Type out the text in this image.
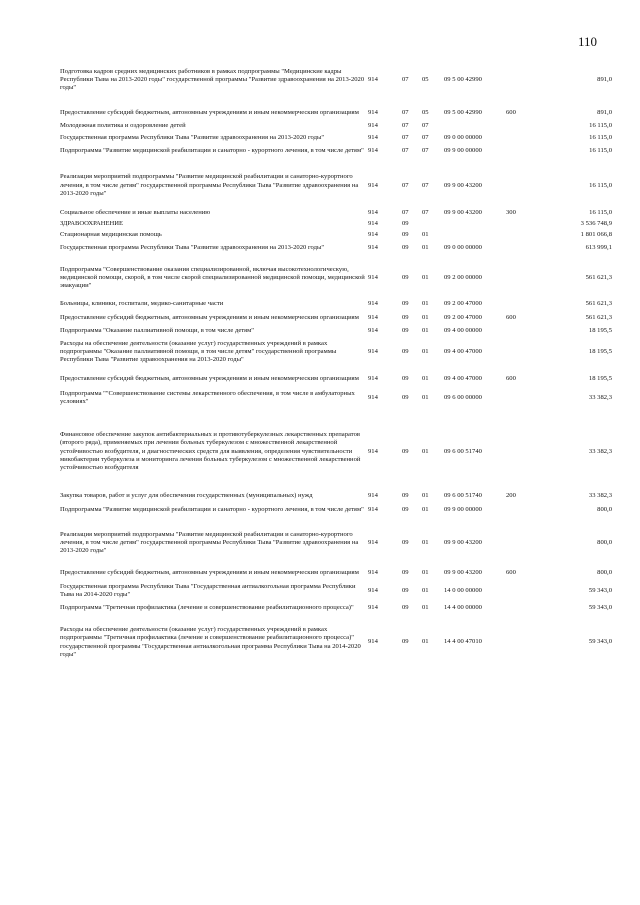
110
Подготовка кадров средних медицинских работников в рамках подпрограммы "Медицинские кадры Республики Тыва на 2013-2020 годы" государственной программы "Развитие здравоохранения на 2013-2020 годы"	914	07	05	09 5 00 42990		891,0
Предоставление субсидий бюджетным, автономным учреждениям и иным некоммерческим организациям	914	07	05	09 5 00 42990	600	891,0
Молодежная политика и оздоровление детей	914	07	07			16 115,0
Государственная программа Республики Тыва "Развитие здравоохранения на 2013-2020 годы"	914	07	07	09 0 00 00000		16 115,0
Подпрограмма "Развитие медицинской реабилитации и санаторно - курортного лечения, в том числе детям"	914	07	07	09 9 00 00000		16 115,0
Реализация мероприятий подпрограммы "Развитие медицинской реабилитации и санаторно-курортного лечения, в том числе детям" государственной программы Республики Тыва "Развитие здравоохранения на 2013-2020 годы"	914	07	07	09 9 00 43200		16 115,0
Социальное обеспечение и иные выплаты населению	914	07	07	09 9 00 43200	300	16 115,0
ЗДРАВООХРАНЕНИЕ	914	09				3 536 748,9
Стационарная медицинская помощь	914	09	01			1 801 066,8
Государственная программа Республики Тыва "Развитие здравоохранения на 2013-2020 годы"	914	09	01	09 0 00 00000		613 999,1
Подпрограмма "Совершенствование оказания специализированной, включая высокотехнологическую, медицинской помощи, скорой, в том числе скорой специализированной медицинской помощи, медицинской эвакуации"	914	09	01	09 2 00 00000		561 621,3
Больницы, клиники, госпитали, медико-санитарные части	914	09	01	09 2 00 47000		561 621,3
Предоставление субсидий бюджетным, автономным учреждениям и иным некоммерческим организациям	914	09	01	09 2 00 47000	600	561 621,3
Подпрограмма "Оказание паллиативной помощи, в том числе детям"	914	09	01	09 4 00 00000		18 195,5
Расходы на обеспечение деятельности (оказание услуг) государственных учреждений в рамках подпрограммы "Оказание паллиативной помощи, в том числе детям" государственной программы Республики Тыва "Развитие здравоохранения на 2013-2020 годы"	914	09	01	09 4 00 47000		18 195,5
Предоставление субсидий бюджетным, автономным учреждениям и иным некоммерческим организациям	914	09	01	09 4 00 47000	600	18 195,5
Подпрограмма ""Совершенствование системы лекарственного обеспечения, в том числе в амбулаторных условиях"	914	09	01	09 6 00 00000		33 382,3
Финансовое обеспечение закупок антибактериальных и противотуберкулезных лекарственных препаратов (второго ряда), применяемых при лечении больных туберкулезом с множественной лекарственной устойчивостью возбудителя, и диагностических средств для выявления, определения чувствительности микобактерии туберкулеза и мониторинга лечения больных туберкулезом с множественной лекарственной устойчивостью возбудителя	914	09	01	09 6 00 51740		33 382,3
Закупка товаров, работ и услуг для обеспечения государственных (муниципальных) нужд	914	09	01	09 6 00 51740	200	33 382,3
Подпрограмма "Развитие медицинской реабилитации и санаторно - курортного лечения, в том числе детям"	914	09	01	09 9 00 00000		800,0
Реализация мероприятий подпрограммы "Развитие медицинской реабилитации и санаторно-курортного лечения, в том числе детям" государственной программы Республики Тыва "Развитие здравоохранения на 2013-2020 годы"	914	09	01	09 9 00 43200		800,0
Предоставление субсидий бюджетным, автономным учреждениям и иным некоммерческим организациям	914	09	01	09 9 00 43200	600	800,0
Государственная программа Республики Тыва "Государственная антиалкогольная программа Республики Тыва на 2014-2020 годы"	914	09	01	14 0 00 00000		59 343,0
Подпрограмма "Третичная профилактика (лечение и совершенствование реабилитационного процесса)"	914	09	01	14 4 00 00000		59 343,0
Расходы на обеспечение деятельности (оказание услуг) государственных учреждений в рамках подпрограммы "Третичная профилактика (лечение и совершенствование реабилитационного процесса)" государственной программы "Государственная антиалкогольная программа Республики Тыва на 2014-2020 годы"	914	09	01	14 4 00 47010		59 343,0
